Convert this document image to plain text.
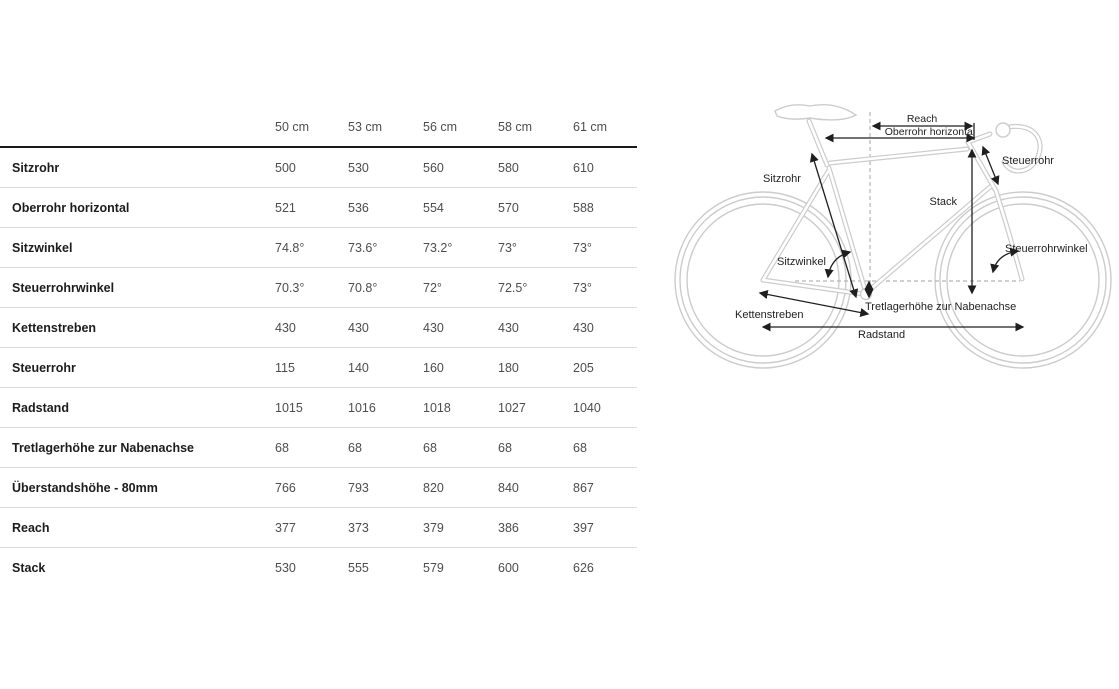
50 cm	53 cm	56 cm	58 cm	61 cm
Sitzrohr	500	530	560	580	610
Oberrohr horizontal	521	536	554	570	588
Sitzwinkel	74.8°	73.6°	73.2°	73°	73°
Steuerrohrwinkel	70.3°	70.8°	72°	72.5°	73°
Kettenstreben	430	430	430	430	430
Steuerrohr	115	140	160	180	205
Radstand	1015	1016	1018	1027	1040
Tretlagerhöhe zur Nabenachse	68	68	68	68	68
Überstandshöhe - 80mm	766	793	820	840	867
Reach	377	373	379	386	397
Stack	530	555	579	600	626
Reach
Oberrohr horizontal
Steuerrohr
Sitzrohr
Stack
Sitzwinkel
Steuerrohrwinkel
Tretlagerhöhe zur Nabenachse
Kettenstreben
Radstand
